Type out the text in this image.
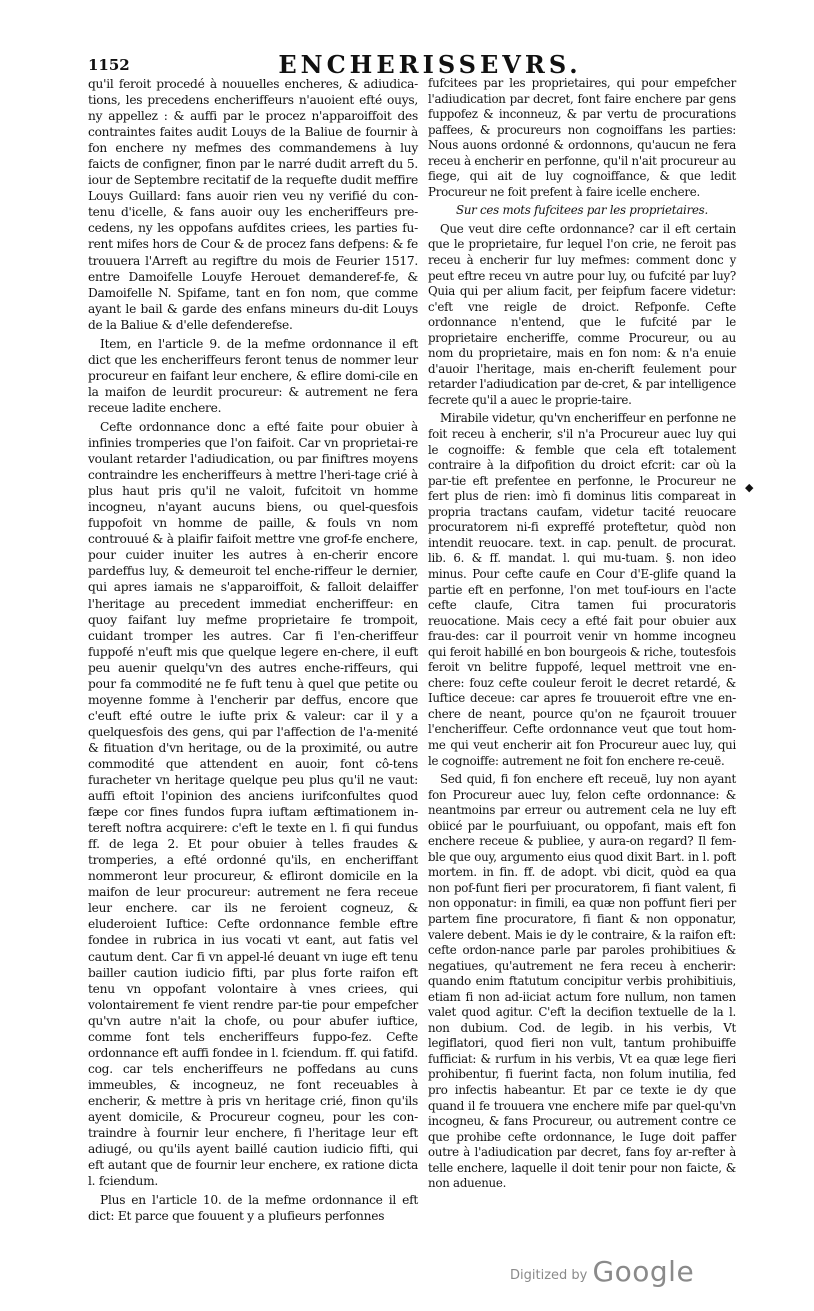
1152	ENCHERISSEVRS.

qu'il feroit procedé à nouuelles encheres, & adiudica-tions, les precedens encheriffeurs n'auoient efté ouys, ny appellez : & auffi par le procez n'apparoiffoit des contraintes faites audit Louys de la Baliue de fournir à fon enchere ny mefmes des commandemens à luy faicts de configner, finon par le narré dudit arreft du 5. iour de Septembre recitatif de la requefte dudit meffire Louys Guillard: fans auoir rien veu ny verifié du con-tenu d'icelle, & fans auoir ouy les encheriffeurs pre-cedens, ny les oppofans aufdites criees, les parties fu-rent mifes hors de Cour & de procez fans defpens: & fe trouuera l'Arreft au regiftre du mois de Feurier 1517. entre Damoifelle Louyfe Herouet demanderef-fe, & Damoifelle N. Spifame, tant en fon nom, que comme ayant le bail & garde des enfans mineurs du-dit Louys de la Baliue & d'elle defenderefse.

Item, en l'article 9. de la mefme ordonnance il eft dict que les encheriffeurs feront tenus de nommer leur procureur en faifant leur enchere, & eflire domi-cile en la maifon de leurdit procureur: & autrement ne fera receue ladite enchere.

Cefte ordonnance donc a efté faite pour obuier à infinies tromperies que l'on faifoit. Car vn proprietai-re voulant retarder l'adiudication, ou par finiftres moyens contraindre les encheriffeurs à mettre l'heri-tage crié à plus haut pris qu'il ne valoit, fufcitoit vn homme incogneu, n'ayant aucuns biens, ou quel-quesfois fuppofoit vn homme de paille, & fouls vn nom controuué & à plaifir faifoit mettre vne grof-fe enchere, pour cuider inuiter les autres à en-cherir encore pardeffus luy, & demeuroit tel enche-riffeur le dernier, qui apres iamais ne s'apparoiffoit, & falloit delaiffer l'heritage au precedent immediat encheriffeur: en quoy faifant luy mefme proprietaire fe trompoit, cuidant tromper les autres. Car fi l'en-cheriffeur fuppofé n'euft mis que quelque legere en-chere, il euft peu auenir quelqu'vn des autres enche-riffeurs, qui pour fa commodité ne fe fuft tenu à quel que petite ou moyenne fomme à l'encherir par deffus, encore que c'euft efté outre le iufte prix & valeur: car il y a quelquesfois des gens, qui par l'affection de l'a-menité & fituation d'vn heritage, ou de la proximité, ou autre commodité que attendent en auoir, font cô-tens furacheter vn heritage quelque peu plus qu'il ne vaut: auffi eftoit l'opinion des anciens iurifconfultes quod fæpe cor fines fundos fupra iuftam æftimationem in-tereft noftra acquirere: c'eft le texte en l. fi qui fundus ff. de lega 2. Et pour obuier à telles fraudes & tromperies, a efté ordonné qu'ils, en encheriffant nommeront leur procureur, & efliront domicile en la maifon de leur procureur: autrement ne fera receue leur enchere. car ils ne feroient cogneuz, & eluderoient Iuftice: Cefte ordonnance femble eftre fondee in rubrica in ius vocati vt eant, aut fatis vel cautum dent. Car fi vn appel-lé deuant vn iuge eft tenu bailler caution iudicio fifti, par plus forte raifon eft tenu vn oppofant volontaire à vnes criees, qui volontairement fe vient rendre par-tie pour empefcher qu'vn autre n'ait la chofe, ou pour abufer iuftice, comme font tels encheriffeurs fuppo-fez. Cefte ordonnance eft auffi fondee in l. fciendum. ff. qui fatifd. cog. car tels encheriffeurs ne poffedans au cuns immeubles, & incogneuz, ne font receuables à encherir, & mettre à pris vn heritage crié, finon qu'ils ayent domicile, & Procureur cogneu, pour les con-traindre à fournir leur enchere, fi l'heritage leur eft adiugé, ou qu'ils ayent baillé caution iudicio fifti, qui eft autant que de fournir leur enchere, ex ratione dicta l. fciendum.

Plus en l'article 10. de la mefme ordonnance il eft dict: Et parce que fouuent y a plufieurs perfonnes

fufcitees par les proprietaires, qui pour empefcher l'adiudication par decret, font faire enchere par gens fuppofez & inconneuz, & par vertu de procurations paffees, & procureurs non cognoiffans les parties: Nous auons ordonné & ordonnons, qu'aucun ne fera receu à encherir en perfonne, qu'il n'ait procureur au fiege, qui ait de luy cognoiffance, & que ledit Procureur ne foit prefent à faire icelle enchere.

Sur ces mots fufcitees par les proprietaires.

Que veut dire cefte ordonnance? car il eft certain que le proprietaire, fur lequel l'on crie, ne feroit pas receu à encherir fur luy mefmes: comment donc y peut eftre receu vn autre pour luy, ou fufcité par luy? Quia qui per alium facit, per feipfum facere videtur: c'eft vne reigle de droict. Refponfe. Cefte ordonnance n'entend, que le fufcité par le proprietaire encheriffe, comme Procureur, ou au nom du proprietaire, mais en fon nom: & n'a enuie d'auoir l'heritage, mais en-cherift feulement pour retarder l'adiudication par de-cret, & par intelligence fecrete qu'il a auec le proprie-taire.

Mirabile videtur, qu'vn encheriffeur en perfonne ne foit receu à encherir, s'il n'a Procureur auec luy qui le cognoiffe: & femble que cela eft totalement contraire à la difpofition du droict efcrit: car où la par-tie eft prefentee en perfonne, le Procureur ne fert plus de rien: imò fi dominus litis compareat in propria tractans caufam, videtur tacité reuocare procuratorem ni-fi expreffé proteftetur, quòd non intendit reuocare. text. in cap. penult. de procurat. lib. 6. & ff. mandat. l. qui mu-tuam. §. non ideo minus. Pour cefte caufe en Cour d'E-glife quand la partie eft en perfonne, l'on met touf-iours en l'acte cefte claufe, Citra tamen fui procuratoris reuocatione. Mais cecy a efté fait pour obuier aux frau-des: car il pourroit venir vn homme incogneu qui feroit habillé en bon bourgeois & riche, toutesfois feroit vn belitre fuppofé, lequel mettroit vne en-chere: fouz cefte couleur feroit le decret retardé, & Iuftice deceue: car apres fe trouueroit eftre vne en-chere de neant, pource qu'on ne fçauroit trouuer l'encheriffeur. Cefte ordonnance veut que tout hom-me qui veut encherir ait fon Procureur auec luy, qui le cognoiffe: autrement ne foit fon enchere re-ceuë.

Sed quid, fi fon enchere eft receuë, luy non ayant fon Procureur auec luy, felon cefte ordonnance: & neantmoins par erreur ou autrement cela ne luy eft obiicé par le pourfuiuant, ou oppofant, mais eft fon enchere receue & publiee, y aura-on regard? Il fem-ble que ouy, argumento eius quod dixit Bart. in l. poft mortem. in fin. ff. de adopt. vbi dicit, quòd ea qua non pof-funt fieri per procuratorem, fi fiant valent, fi non opponatur: in fimili, ea quæ non poffunt fieri per partem fine procuratore, fi fiant & non opponatur, valere debent. Mais ie dy le contraire, & la raifon eft: cefte ordon-nance parle par paroles prohibitiues & negatiues, qu'autrement ne fera receu à encherir: quando enim ftatutum concipitur verbis prohibitiuis, etiam fi non ad-iiciat actum fore nullum, non tamen valet quod agitur. C'eft la decifion textuelle de la l. non dubium. Cod. de legib. in his verbis, Vt legiflatori, quod fieri non vult, tantum prohibuiffe fufficiat: & rurfum in his verbis, Vt ea quæ lege fieri prohibentur, fi fuerint facta, non folum inutilia, fed pro infectis habeantur. Et par ce texte ie dy que quand il fe trouuera vne enchere mife par quel-qu'vn incogneu, & fans Procureur, ou autrement contre ce que prohibe cefte ordonnance, le Iuge doit paffer outre à l'adiudication par decret, fans foy ar-refter à telle enchere, laquelle il doit tenir pour non faicte, & non aduenue.

◆
Digitized by Google
